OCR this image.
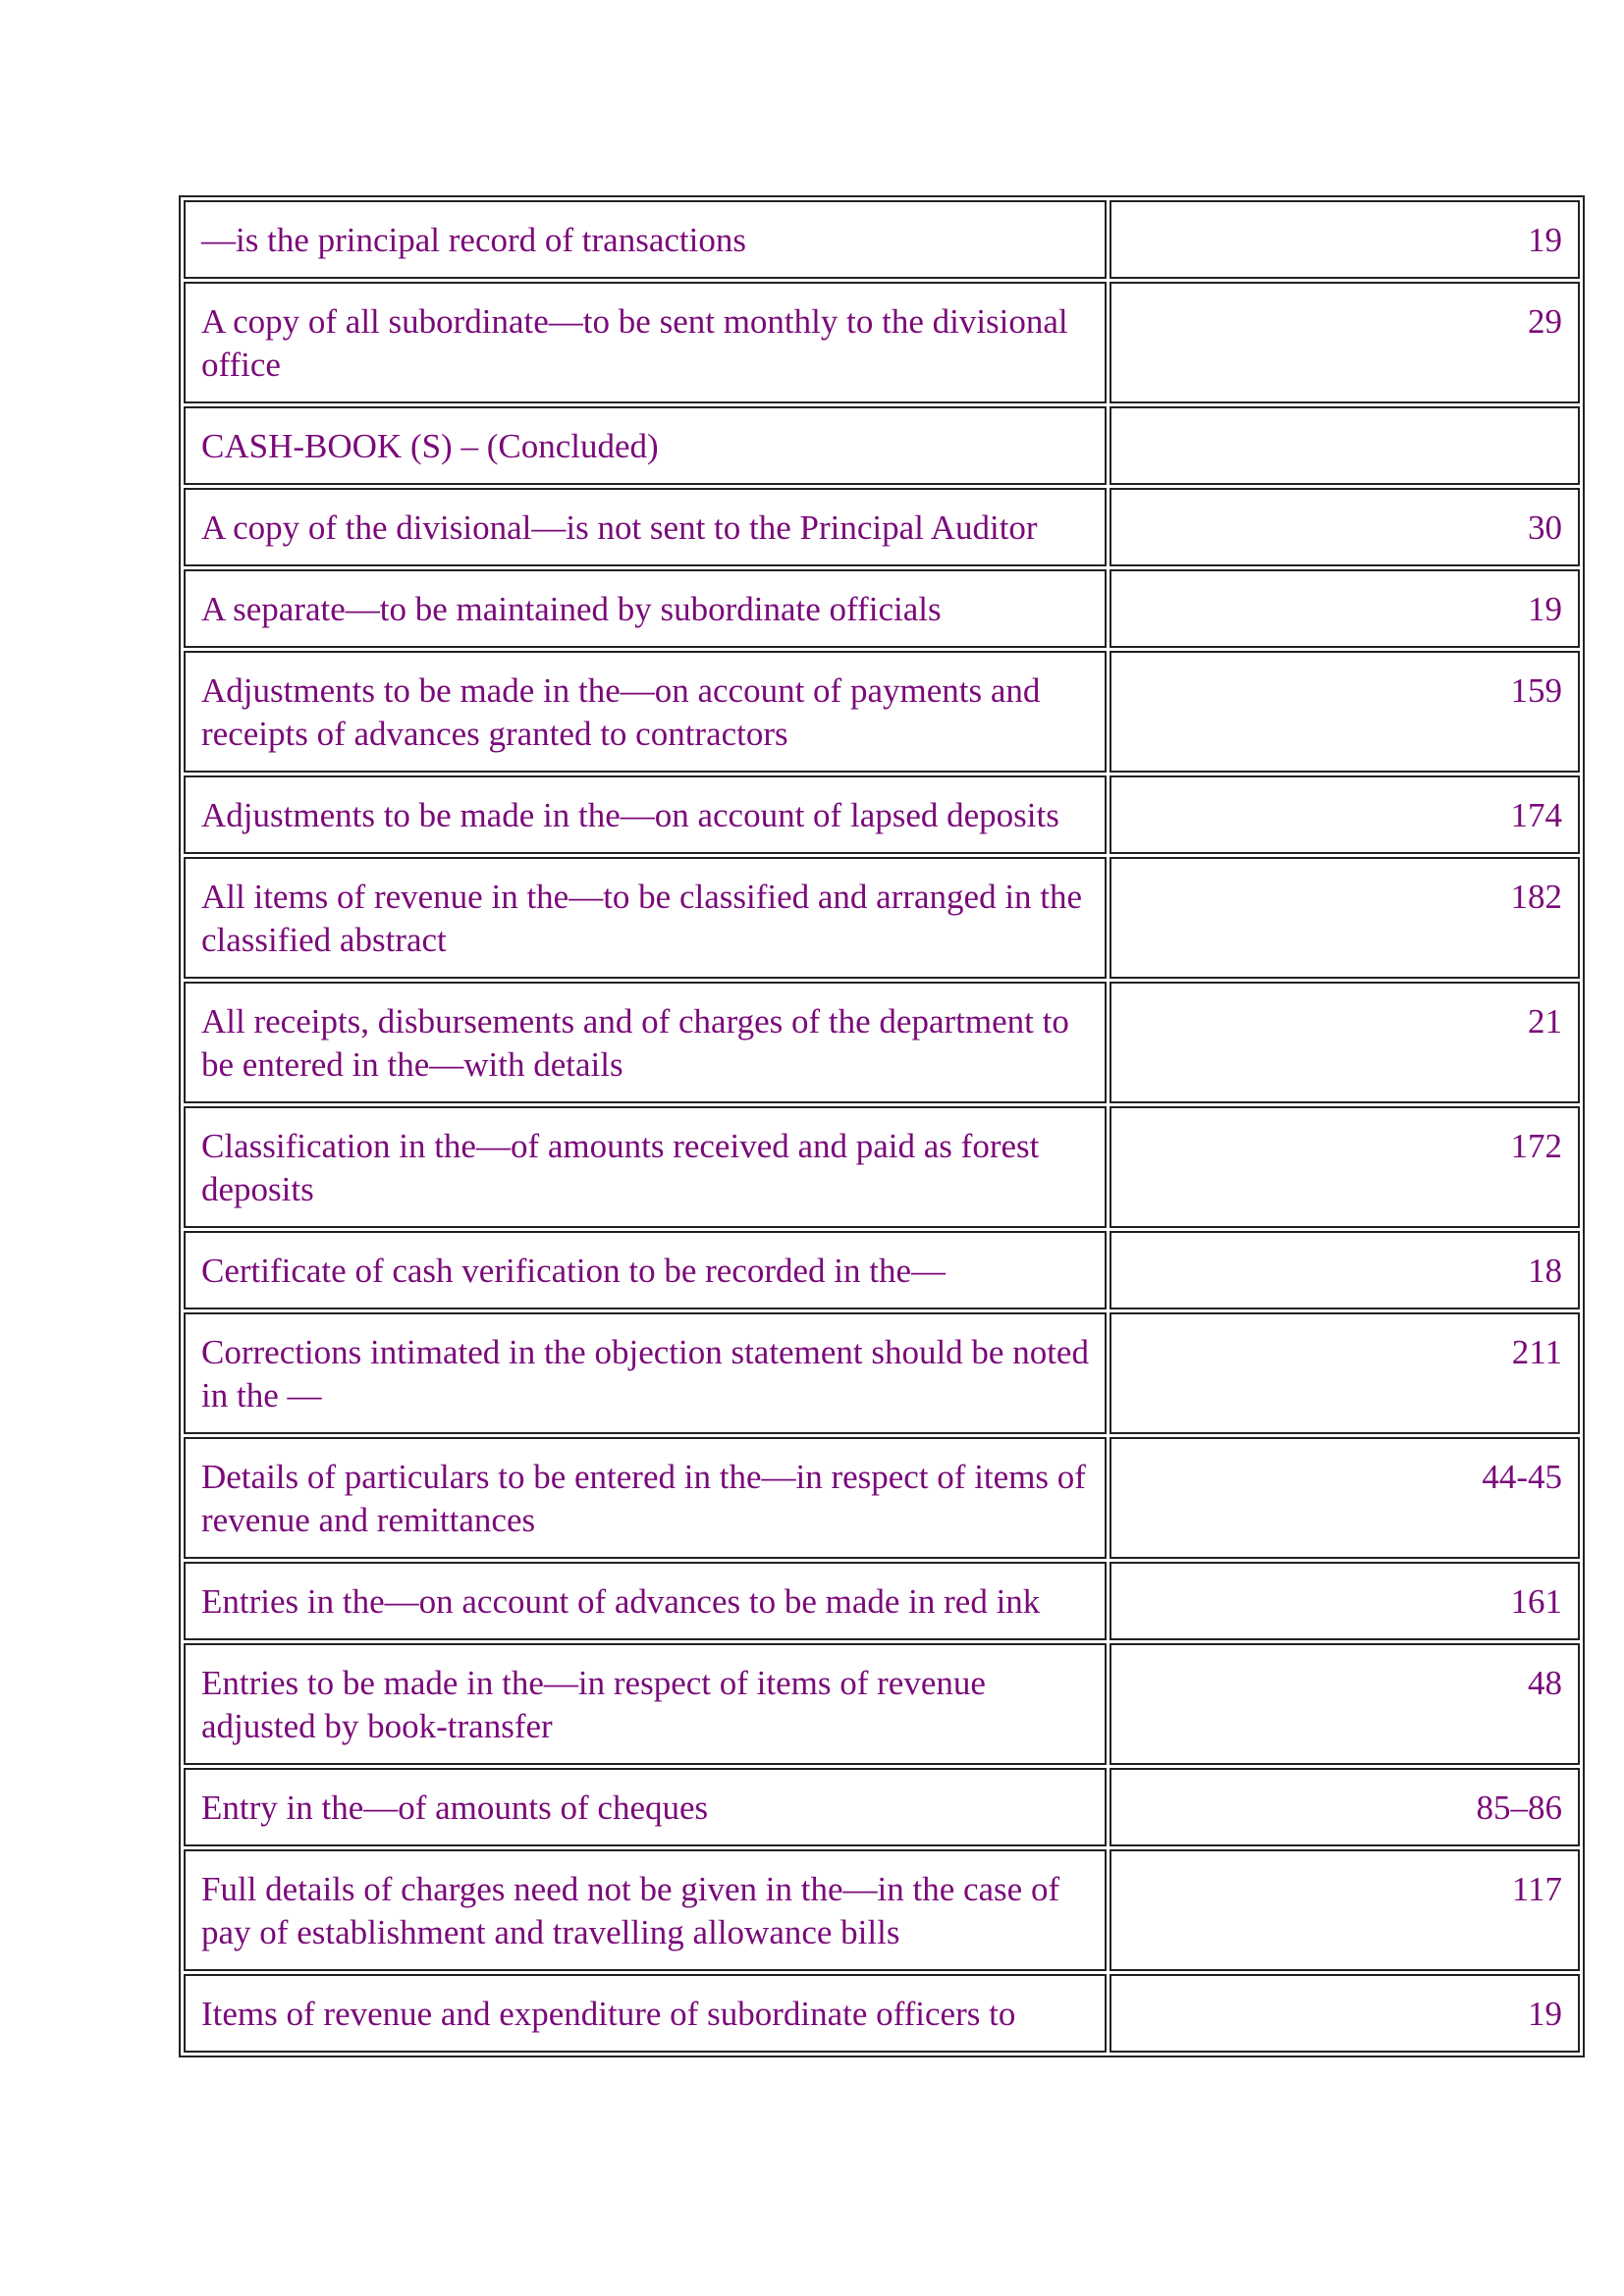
—is the principal record of transactions	19
A copy of all subordinate—to be sent monthly to the divisional office	29
CASH-BOOK (S) – (Concluded)	
A copy of the divisional—is not sent to the Principal Auditor	30
A separate—to be maintained by subordinate officials	19
Adjustments to be made in the—on account of payments and receipts of advances granted to contractors	159
Adjustments to be made in the—on account of lapsed deposits	174
All items of revenue in the—to be classified and arranged in the classified abstract	182
All receipts, disbursements and of charges of the department to be entered in the—with details	21
Classification in the—of amounts received and paid as forest deposits	172
Certificate of cash verification to be recorded in the—	18
Corrections intimated in the objection statement should be noted in the —	211
Details of particulars to be entered in the—in respect of items of revenue and remittances	44-45
Entries in the—on account of advances to be made in red ink	161
Entries to be made in the—in respect of items of revenue adjusted by book-transfer	48
Entry in the—of amounts of cheques	85–86
Full details of charges need not be given in the—in the case of pay of establishment and travelling allowance bills	117
Items of revenue and expenditure of subordinate officers to	19
